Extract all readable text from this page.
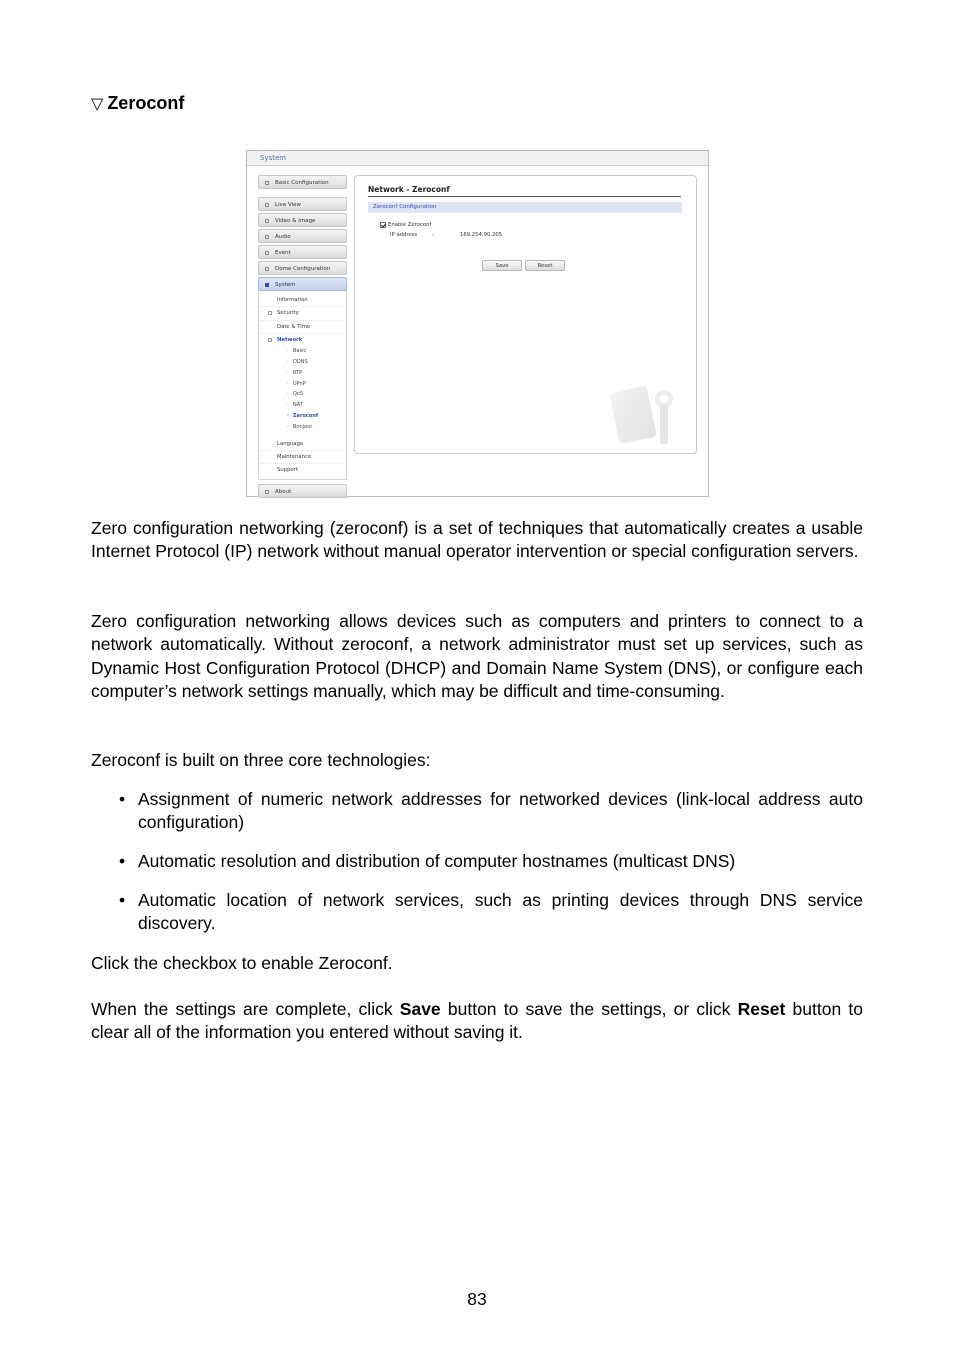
▽ Zeroconf
System
Basic Configuration
Live View
Video & Image
Audio
Event
Dome Configuration
System
Information
Security
Date & Time
Network
· Basic
· DDNS
· RTP
· UPnP
· QoS
· NAT
· Zeroconf
· Bonjour
Language
Maintenance
Support
About
Network - Zeroconf
Zeroconf Configuration
Enable Zeroconf
IP address	:	169.254.90.205
Save	Reset
Zero configuration networking (zeroconf) is a set of techniques that automatically creates a usable Internet Protocol (IP) network without manual operator intervention or special configuration servers.
Zero configuration networking allows devices such as computers and printers to connect to a network automatically. Without zeroconf, a network administrator must set up services, such as Dynamic Host Configuration Protocol (DHCP) and Domain Name System (DNS), or configure each computer’s network settings manually, which may be difficult and time-consuming.
Zeroconf is built on three core technologies:
• Assignment of numeric network addresses for networked devices (link-local address auto configuration)
• Automatic resolution and distribution of computer hostnames (multicast DNS)
• Automatic location of network services, such as printing devices through DNS service discovery.
Click the checkbox to enable Zeroconf.
When the settings are complete, click Save button to save the settings, or click Reset button to clear all of the information you entered without saving it.
83
